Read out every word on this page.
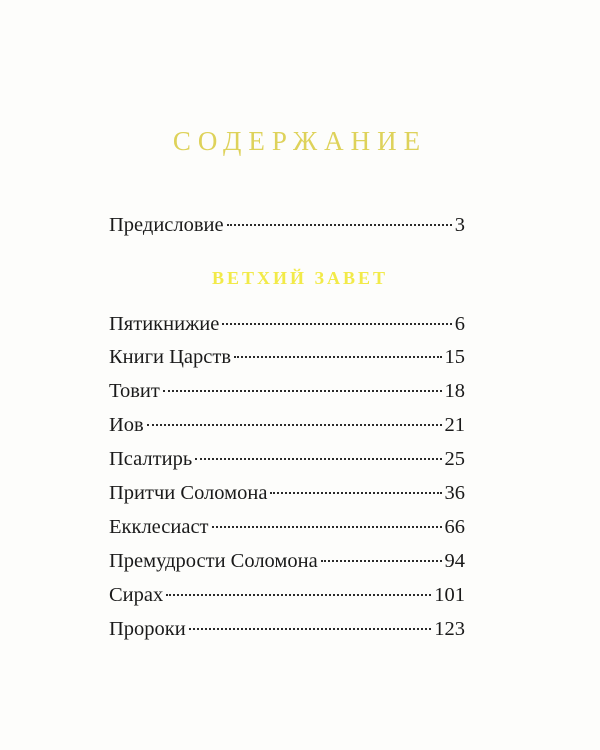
СОДЕРЖАНИЕ
Предисловие	3
ВЕТХИЙ ЗАВЕТ
Пятикнижие	6
Книги Царств	15
Товит	18
Иов	21
Псалтирь	25
Притчи Соломона	36
Екклесиаст	66
Премудрости Соломона	94
Сирах	101
Пророки	123
